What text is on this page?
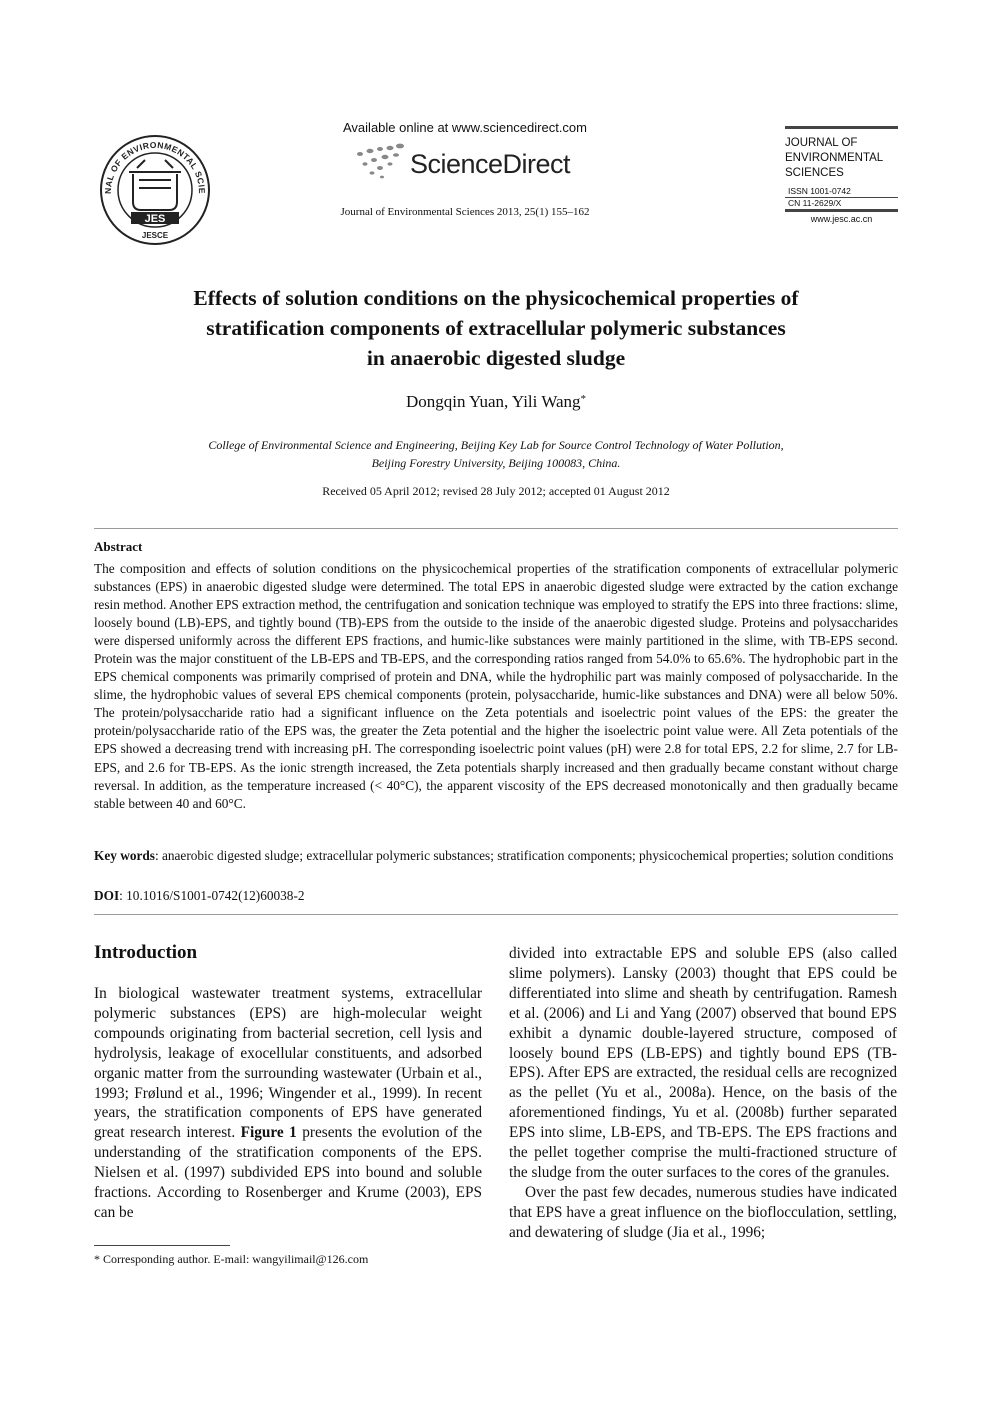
NAL OF ENVIRONMENTAL SCIE
JES
JESCE
Available online at www.sciencedirect.com
ScienceDirect
Journal of Environmental Sciences 2013, 25(1) 155–162
JOURNAL OF
ENVIRONMENTAL
SCIENCES
ISSN 1001-0742
CN 11-2629/X
www.jesc.ac.cn
Effects of solution conditions on the physicochemical properties of
stratification components of extracellular polymeric substances
in anaerobic digested sludge
Dongqin Yuan, Yili Wang*
College of Environmental Science and Engineering, Beijing Key Lab for Source Control Technology of Water Pollution,
Beijing Forestry University, Beijing 100083, China.
Received 05 April 2012; revised 28 July 2012; accepted 01 August 2012
Abstract
The composition and effects of solution conditions on the physicochemical properties of the stratification components of extracellular polymeric substances (EPS) in anaerobic digested sludge were determined. The total EPS in anaerobic digested sludge were extracted by the cation exchange resin method. Another EPS extraction method, the centrifugation and sonication technique was employed to stratify the EPS into three fractions: slime, loosely bound (LB)-EPS, and tightly bound (TB)-EPS from the outside to the inside of the anaerobic digested sludge. Proteins and polysaccharides were dispersed uniformly across the different EPS fractions, and humic-like substances were mainly partitioned in the slime, with TB-EPS second. Protein was the major constituent of the LB-EPS and TB-EPS, and the corresponding ratios ranged from 54.0% to 65.6%. The hydrophobic part in the EPS chemical components was primarily comprised of protein and DNA, while the hydrophilic part was mainly composed of polysaccharide. In the slime, the hydrophobic values of several EPS chemical components (protein, polysaccharide, humic-like substances and DNA) were all below 50%. The protein/polysaccharide ratio had a significant influence on the Zeta potentials and isoelectric point values of the EPS: the greater the protein/polysaccharide ratio of the EPS was, the greater the Zeta potential and the higher the isoelectric point value were. All Zeta potentials of the EPS showed a decreasing trend with increasing pH. The corresponding isoelectric point values (pH) were 2.8 for total EPS, 2.2 for slime, 2.7 for LB-EPS, and 2.6 for TB-EPS. As the ionic strength increased, the Zeta potentials sharply increased and then gradually became constant without charge reversal. In addition, as the temperature increased (< 40°C), the apparent viscosity of the EPS decreased monotonically and then gradually became stable between 40 and 60°C.
Key words: anaerobic digested sludge; extracellular polymeric substances; stratification components; physicochemical properties; solution conditions
DOI: 10.1016/S1001-0742(12)60038-2
Introduction

In biological wastewater treatment systems, extracellular polymeric substances (EPS) are high-molecular weight compounds originating from bacterial secretion, cell lysis and hydrolysis, leakage of exocellular constituents, and adsorbed organic matter from the surrounding wastewater (Urbain et al., 1993; Frølund et al., 1996; Wingender et al., 1999). In recent years, the stratification components of EPS have generated great research interest. Figure 1 presents the evolution of the understanding of the stratification components of the EPS. Nielsen et al. (1997) subdivided EPS into bound and soluble fractions. According to Rosenberger and Krume (2003), EPS can be

divided into extractable EPS and soluble EPS (also called slime polymers). Lansky (2003) thought that EPS could be differentiated into slime and sheath by centrifugation. Ramesh et al. (2006) and Li and Yang (2007) observed that bound EPS exhibit a dynamic double-layered structure, composed of loosely bound EPS (LB-EPS) and tightly bound EPS (TB-EPS). After EPS are extracted, the residual cells are recognized as the pellet (Yu et al., 2008a). Hence, on the basis of the aforementioned findings, Yu et al. (2008b) further separated EPS into slime, LB-EPS, and TB-EPS. The EPS fractions and the pellet together comprise the multi-fractioned structure of the sludge from the outer surfaces to the cores of the granules.

Over the past few decades, numerous studies have indicated that EPS have a great influence on the bioflocculation, settling, and dewatering of sludge (Jia et al., 1996;

* Corresponding author. E-mail: wangyilimail@126.com
